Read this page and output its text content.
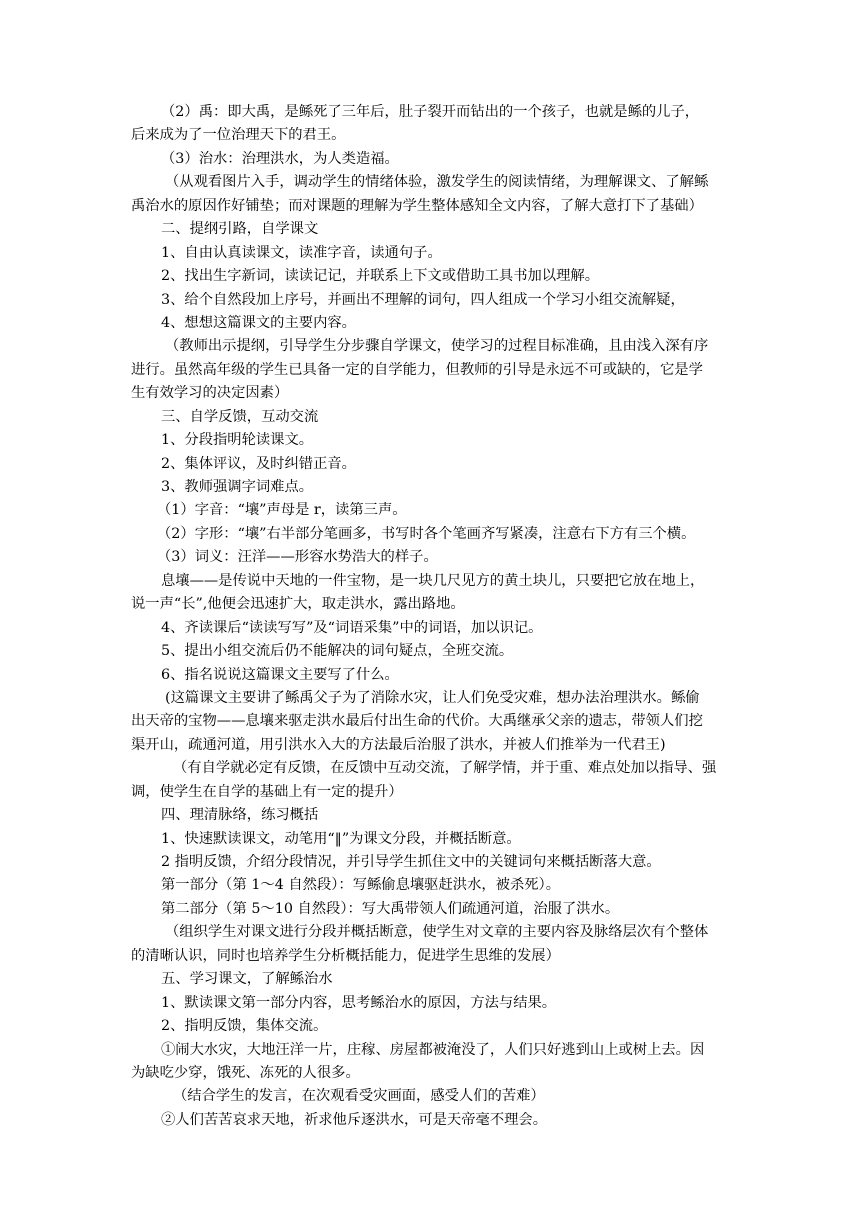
（2）禹：即大禹，是鲧死了三年后，肚子裂开而钻出的一个孩子，也就是鲧的儿子，
后来成为了一位治理天下的君王。
（3）治水：治理洪水，为人类造福。
（从观看图片入手，调动学生的情绪体验，激发学生的阅读情绪，为理解课文、了解鲧
禹治水的原因作好铺垫；而对课题的理解为学生整体感知全文内容，了解大意打下了基础）
二、提纲引路，自学课文
1、自由认真读课文，读准字音，读通句子。
2、找出生字新词，读读记记，并联系上下文或借助工具书加以理解。
3、给个自然段加上序号，并画出不理解的词句，四人组成一个学习小组交流解疑，
4、想想这篇课文的主要内容。
（教师出示提纲，引导学生分步骤自学课文，使学习的过程目标准确，且由浅入深有序
进行。虽然高年级的学生已具备一定的自学能力，但教师的引导是永远不可或缺的，它是学
生有效学习的决定因素）
三、自学反馈，互动交流
1、分段指明轮读课文。
2、集体评议，及时纠错正音。
3、教师强调字词难点。
（1）字音：“壤”声母是 r，读第三声。
（2）字形：“壤”右半部分笔画多，书写时各个笔画齐写紧凑，注意右下方有三个横。
（3）词义：汪洋——形容水势浩大的样子。
息壤——是传说中天地的一件宝物，是一块几尺见方的黄土块儿，只要把它放在地上，
说一声“长”,他便会迅速扩大，取走洪水，露出路地。
4、齐读课后“读读写写”及“词语采集”中的词语，加以识记。
5、提出小组交流后仍不能解决的词句疑点，全班交流。
6、指名说说这篇课文主要写了什么。
(这篇课文主要讲了鲧禹父子为了消除水灾，让人们免受灾难，想办法治理洪水。鲧偷
出天帝的宝物——息壤来驱走洪水最后付出生命的代价。大禹继承父亲的遗志，带领人们挖
渠开山，疏通河道，用引洪水入大的方法最后治服了洪水，并被人们推举为一代君王)
（有自学就必定有反馈，在反馈中互动交流，了解学情，并于重、难点处加以指导、强
调，使学生在自学的基础上有一定的提升）
四、理清脉络，练习概括
1、快速默读课文，动笔用“‖”为课文分段，并概括断意。
2 指明反馈，介绍分段情况，并引导学生抓住文中的关键词句来概括断落大意。
第一部分（第 1～4 自然段）：写鲧偷息壤驱赶洪水，被杀死）。
第二部分（第 5～10 自然段）：写大禹带领人们疏通河道，治服了洪水。
（组织学生对课文进行分段并概括断意，使学生对文章的主要内容及脉络层次有个整体
的清晰认识，同时也培养学生分析概括能力，促进学生思维的发展）
五、学习课文，了解鲧治水
1、默读课文第一部分内容，思考鲧治水的原因，方法与结果。
2、指明反馈，集体交流。
①闹大水灾，大地汪洋一片，庄稼、房屋都被淹没了，人们只好逃到山上或树上去。因
为缺吃少穿，饿死、冻死的人很多。
（结合学生的发言，在次观看受灾画面，感受人们的苦难）
②人们苦苦哀求天地，祈求他斥逐洪水，可是天帝毫不理会。
